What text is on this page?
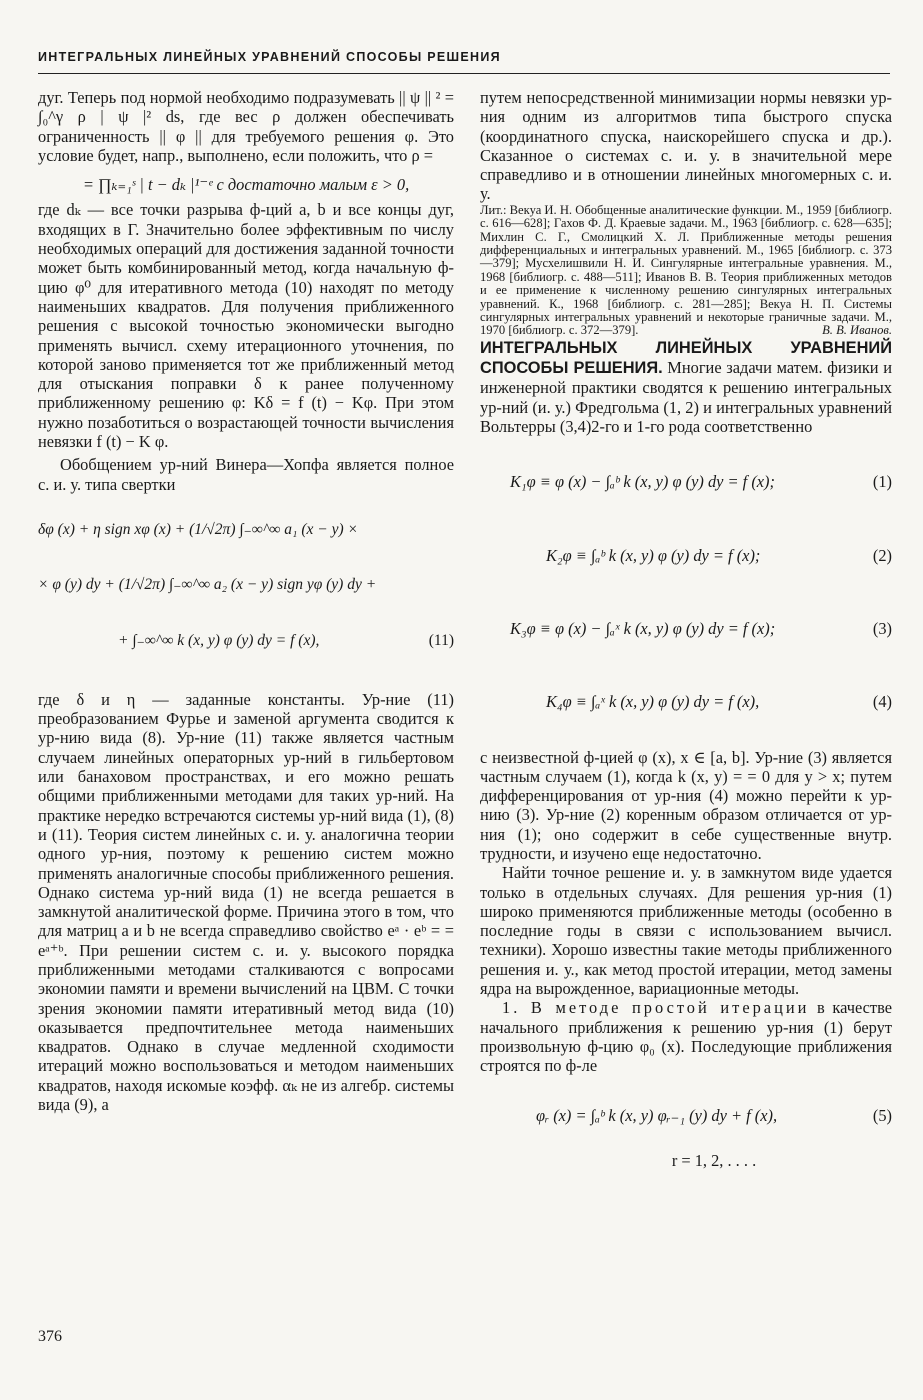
ИНТЕГРАЛЬНЫХ ЛИНЕЙНЫХ УРАВНЕНИЙ СПОСОБЫ РЕШЕНИЯ

дуг. Теперь под нормой необходимо подразумевать || ψ || ² = ∫₀^γ ρ | ψ |² ds, где вес ρ должен обеспечивать ограниченность || φ || для требуемого решения φ. Это условие будет, напр., выполнено, если положить, что ρ =

= ∏ₖ₌₁ˢ | t − dₖ |¹⁻ᵉ с достаточно малым ε > 0,

где dₖ — все точки разрыва ф-ций a, b и все концы дуг, входящих в Г. Значительно более эффективным по числу необходимых операций для достижения заданной точности может быть комбинированный метод, когда начальную ф-цию φ⁰ для итеративного метода (10) находят по методу наименьших квадратов. Для получения приближенного решения с высокой точностью экономически выгодно применять вычисл. схему итерационного уточнения, по которой заново применяется тот же приближенный метод для отыскания поправки δ к ранее полученному приближенному решению φ: Kδ = f (t) − Kφ. При этом нужно позаботиться о возрастающей точности вычисления невязки f (t) − K φ.

Обобщением ур-ний Винера—Хопфа является полное с. и. у. типа свертки

δφ (x) + η sign xφ (x) + (1/√2π) ∫₋∞^∞ a₁ (x − y) ×

× φ (y) dy + (1/√2π) ∫₋∞^∞ a₂ (x − y) sign yφ (y) dy +

+ ∫₋∞^∞ k (x, y) φ (y) dy = f (x),	(11)

где δ и η — заданные константы. Ур-ние (11) преобразованием Фурье и заменой аргумента сводится к ур-нию вида (8). Ур-ние (11) также является частным случаем линейных операторных ур-ний в гильбертовом или банаховом пространствах, и его можно решать общими приближенными методами для таких ур-ний. На практике нередко встречаются системы ур-ний вида (1), (8) и (11). Теория систем линейных с. и. у. аналогична теории одного ур-ния, поэтому к решению систем можно применять аналогичные способы приближенного решения. Однако система ур-ний вида (1) не всегда решается в замкнутой аналитической форме. Причина этого в том, что для матриц a и b не всегда справедливо свойство eᵃ · eᵇ = = eᵃ⁺ᵇ. При решении систем с. и. у. высокого порядка приближенными методами сталкиваются с вопросами экономии памяти и времени вычислений на ЦВМ. С точки зрения экономии памяти итеративный метод вида (10) оказывается предпочтительнее метода наименьших квадратов. Однако в случае медленной сходимости итераций можно воспользоваться и методом наименьших квадратов, находя искомые коэфф. αₖ не из алгебр. системы вида (9), а

путем непосредственной минимизации нормы невязки ур-ния одним из алгоритмов типа быстрого спуска (координатного спуска, наискорейшего спуска и др.). Сказанное о системах с. и. у. в значительной мере справедливо и в отношении линейных многомерных с. и. у.

Лит.: Векуа И. Н. Обобщенные аналитические функции. М., 1959 [библиогр. с. 616—628]; Гахов Ф. Д. Краевые задачи. М., 1963 [библиогр. с. 628—635]; Михлин С. Г., Смолицкий Х. Л. Приближенные методы решения дифференциальных и интегральных уравнений. М., 1965 [библиогр. с. 373—379]; Мусхелишвили Н. И. Сингулярные интегральные уравнения. М., 1968 [библиогр. с. 488—511]; Иванов В. В. Теория приближенных методов и ее применение к численному решению сингулярных интегральных уравнений. К., 1968 [библиогр. с. 281—285]; Векуа Н. П. Системы сингулярных интегральных уравнений и некоторые граничные задачи. М., 1970 [библиогр. с. 372—379].	В. В. Иванов.

ИНТЕГРАЛЬНЫХ ЛИНЕЙНЫХ УРАВНЕНИЙ СПОСОБЫ РЕШЕНИЯ. Многие задачи матем. физики и инженерной практики сводятся к решению интегральных ур-ний (и. у.) Фредгольма (1, 2) и интегральных уравнений Вольтерры (3,4)2-го и 1-го рода соответственно

K₁φ ≡ φ (x) − ∫ₐᵇ k (x, y) φ (y) dy = f (x);	(1)
K₂φ ≡ ∫ₐᵇ k (x, y) φ (y) dy = f (x);	(2)
K₃φ ≡ φ (x) − ∫ₐˣ k (x, y) φ (y) dy = f (x);	(3)
K₄φ ≡ ∫ₐˣ k (x, y) φ (y) dy = f (x),	(4)

с неизвестной ф-цией φ (x), x ∈ [a, b]. Ур-ние (3) является частным случаем (1), когда k (x, y) = = 0 для y > x; путем дифференцирования от ур-ния (4) можно перейти к ур-нию (3). Ур-ние (2) коренным образом отличается от ур-ния (1); оно содержит в себе существенные внутр. трудности, и изучено еще недостаточно.

Найти точное решение и. у. в замкнутом виде удается только в отдельных случаях. Для решения ур-ния (1) широко применяются приближенные методы (особенно в последние годы в связи с использованием вычисл. техники). Хорошо известны такие методы приближенного решения и. у., как метод простой итерации, метод замены ядра на вырожденное, вариационные методы.

1. В методе простой итерации в качестве начального приближения к решению ур-ния (1) берут произвольную ф-цию φ₀ (x). Последующие приближения строятся по ф-ле

φᵣ (x) = ∫ₐᵇ k (x, y) φᵣ₋₁ (y) dy + f (x),	(5)

r = 1, 2, . . . .

376
